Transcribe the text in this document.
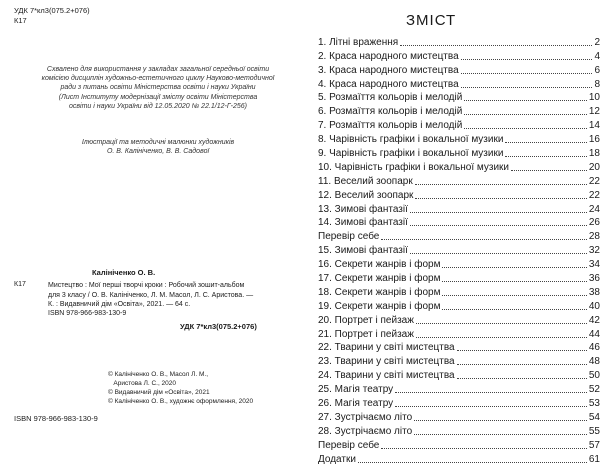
УДК 7*кл3(075.2+076)
К17
Схвалено для використання у закладах загальної середньої освіти
комісією дисциплін художньо-естетичного циклу Науково-методичної
ради з питань освіти Міністерства освіти і науки України
(Лист Інституту модернізації змісту освіти Міністерства
освіти і науки України від 12.05.2020 № 22.1/12-Г-256)
Ілюстрації та методичні малюнки художників
О. В. Калініченко, В. В. Садової
Калініченко О. В.
К17	Мистецтво : Мої перші творчі кроки : Робочий зошит-альбом
для 3 класу / О. В. Калініченко, Л. М. Масол, Л. С. Аристова. —
К. : Видавничий дім «Освіта», 2021. — 64 с.
ISBN 978-966-983-130-9
УДК 7*кл3(075.2+076)
© Калініченко О. В., Масол Л. М.,
Аристова Л. С., 2020
© Видавничий дім «Освіта», 2021
© Калініченко О. В., художнє оформлення, 2020
ISBN 978-966-983-130-9
ЗМІСТ
1. Літні враження	2
2. Краса народного мистецтва	4
3. Краса народного мистецтва	6
4. Краса народного мистецтва	8
5. Розмаїття кольорів і мелодій	10
6. Розмаїття кольорів і мелодій	12
7. Розмаїття кольорів і мелодій	14
8. Чарівність графіки і вокальної музики	16
9. Чарівність графіки і вокальної музики	18
10. Чарівність графіки і вокальної музики	20
11. Веселий зоопарк	22
12. Веселий зоопарк	22
13. Зимові фантазії	24
14. Зимові фантазії	26
Перевір себе	28
15. Зимові фантазії	32
16. Секрети жанрів і форм	34
17. Секрети жанрів і форм	36
18. Секрети жанрів і форм	38
19. Секрети жанрів і форм	40
20. Портрет і пейзаж	42
21. Портрет і пейзаж	44
22. Тварини у світі мистецтва	46
23. Тварини у світі мистецтва	48
24. Тварини у світі мистецтва	50
25. Магія театру	52
26. Магія театру	53
27. Зустрічаємо літо	54
28. Зустрічаємо літо	55
Перевір себе	57
Додатки	61
